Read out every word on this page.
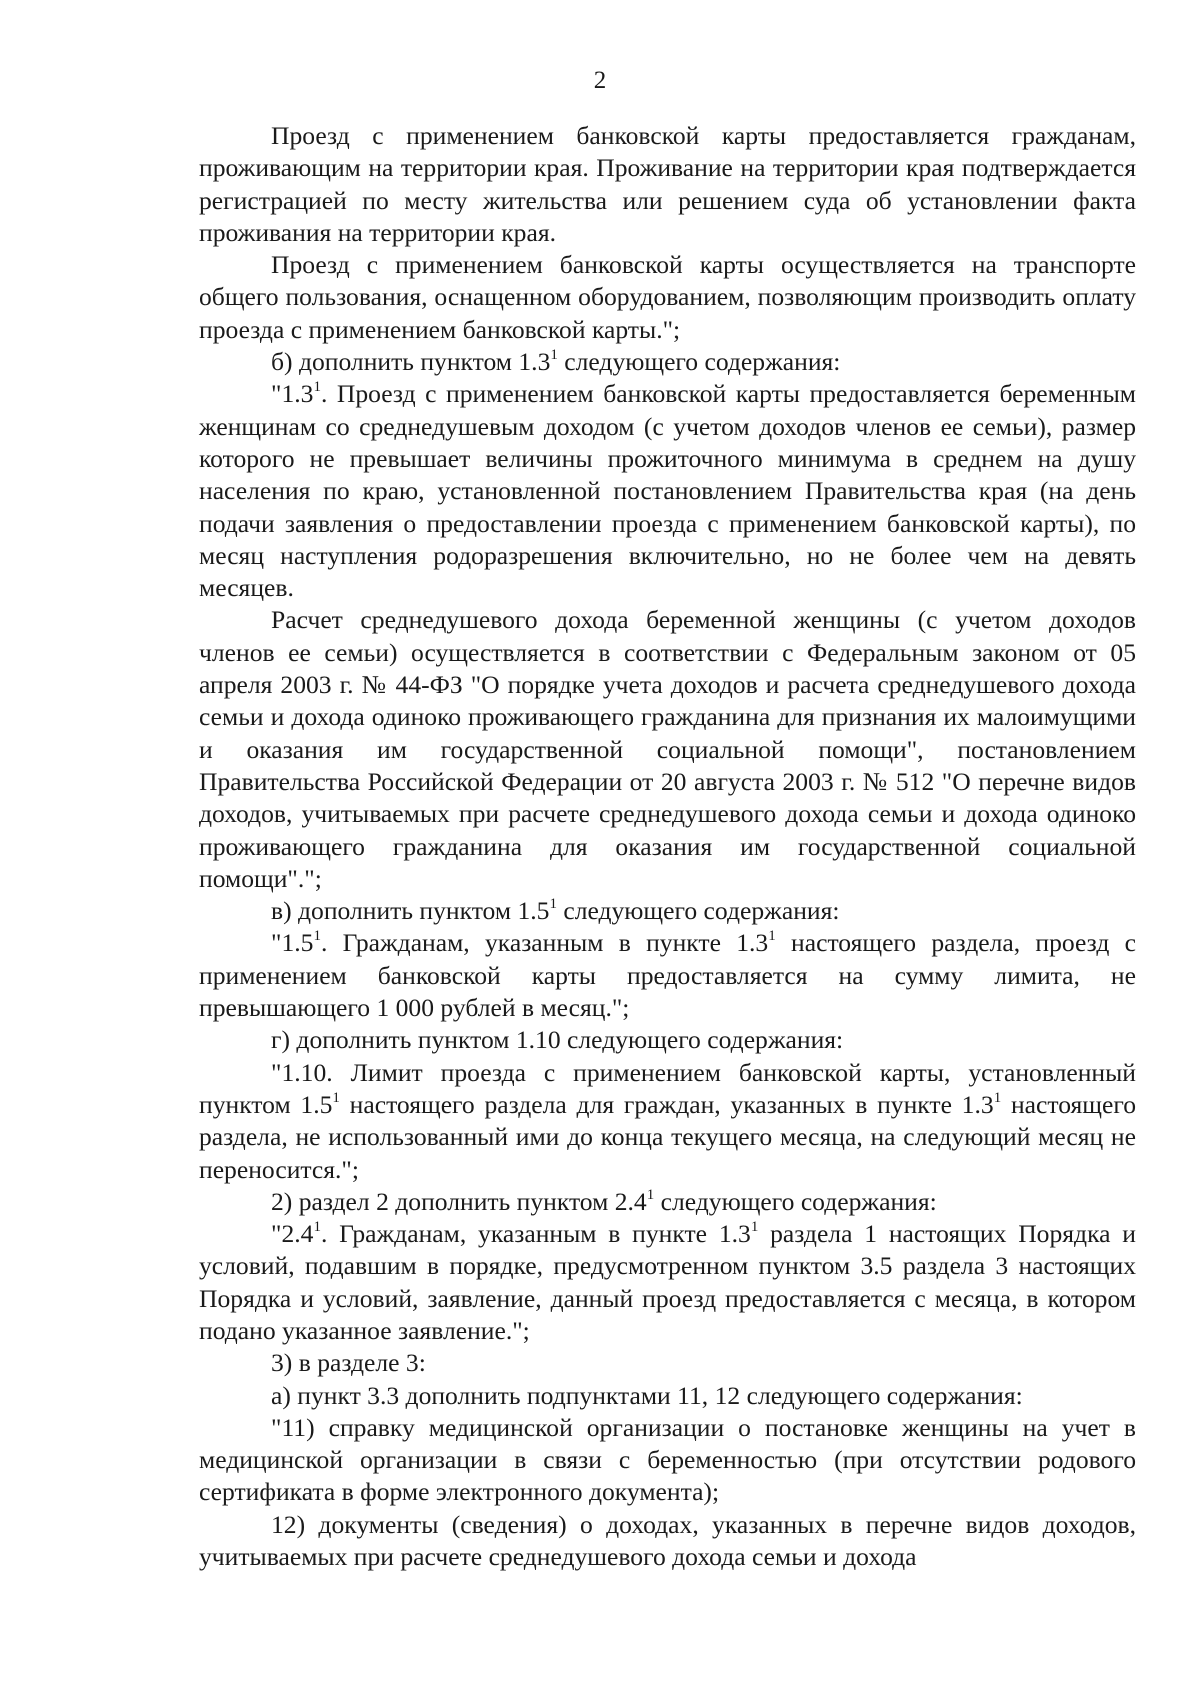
2

Проезд с применением банковской карты предоставляется гражданам, проживающим на территории края. Проживание на территории края подтверждается регистрацией по месту жительства или решением суда об установлении факта проживания на территории края.

Проезд с применением банковской карты осуществляется на транспорте общего пользования, оснащенном оборудованием, позволяющим производить оплату проезда с применением банковской карты.";

б) дополнить пунктом $1.3^1$ следующего содержания:

"$1.3^1$. Проезд с применением банковской карты предоставляется беременным женщинам со среднедушевым доходом (с учетом доходов членов ее семьи), размер которого не превышает величины прожиточного минимума в среднем на душу населения по краю, установленной постановлением Правительства края (на день подачи заявления о предоставлении проезда с применением банковской карты), по месяц наступления родоразрешения включительно, но не более чем на девять месяцев.

Расчет среднедушевого дохода беременной женщины (с учетом доходов членов ее семьи) осуществляется в соответствии с Федеральным законом от 05 апреля 2003 г. № 44-ФЗ "О порядке учета доходов и расчета среднедушевого дохода семьи и дохода одиноко проживающего гражданина для признания их малоимущими и оказания им государственной социальной помощи", постановлением Правительства Российской Федерации от 20 августа 2003 г. № 512 "О перечне видов доходов, учитываемых при расчете среднедушевого дохода семьи и дохода одиноко проживающего гражданина для оказания им государственной социальной помощи".";

в) дополнить пунктом $1.5^1$ следующего содержания:

"$1.5^1$. Гражданам, указанным в пункте $1.3^1$ настоящего раздела, проезд с применением банковской карты предоставляется на сумму лимита, не превышающего 1 000 рублей в месяц.";

г) дополнить пунктом 1.10 следующего содержания:

"1.10. Лимит проезда с применением банковской карты, установленный пунктом $1.5^1$ настоящего раздела для граждан, указанных в пункте $1.3^1$ настоящего раздела, не использованный ими до конца текущего месяца, на следующий месяц не переносится.";

2) раздел 2 дополнить пунктом $2.4^1$ следующего содержания:

"$2.4^1$. Гражданам, указанным в пункте $1.3^1$ раздела 1 настоящих Порядка и условий, подавшим в порядке, предусмотренном пунктом 3.5 раздела 3 настоящих Порядка и условий, заявление, данный проезд предоставляется с месяца, в котором подано указанное заявление.";

3) в разделе 3:

а) пункт 3.3 дополнить подпунктами 11, 12 следующего содержания:

"11) справку медицинской организации о постановке женщины на учет в медицинской организации в связи с беременностью (при отсутствии родового сертификата в форме электронного документа);

12) документы (сведения) о доходах, указанных в перечне видов доходов, учитываемых при расчете среднедушевого дохода семьи и дохода
